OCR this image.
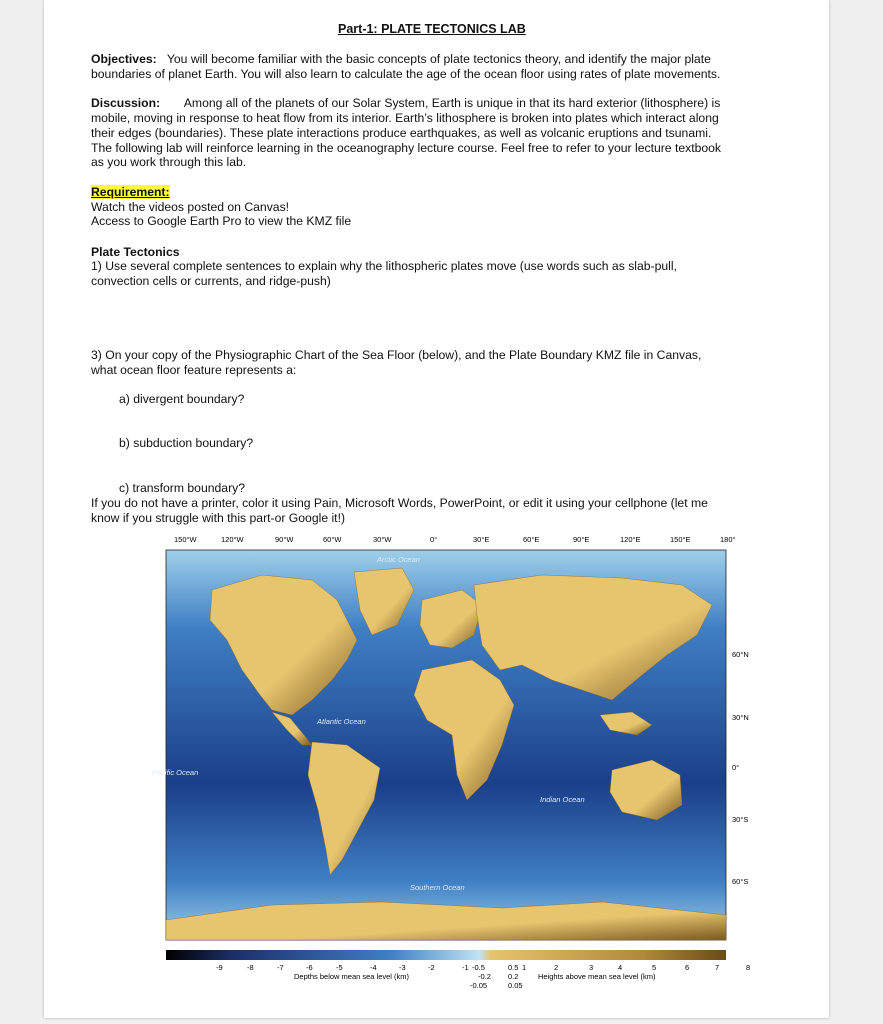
Part-1: PLATE TECTONICS LAB

Objectives: You will become familiar with the basic concepts of plate tectonics theory, and identify the major plate

boundaries of planet Earth. You will also learn to calculate the age of the ocean floor using rates of plate movements.

Discussion: Among all of the planets of our Solar System, Earth is unique in that its hard exterior (lithosphere) is

mobile, moving in response to heat flow from its interior. Earth’s lithosphere is broken into plates which interact along

their edges (boundaries). These plate interactions produce earthquakes, as well as volcanic eruptions and tsunami.

The following lab will reinforce learning in the oceanography lecture course. Feel free to refer to your lecture textbook

as you work through this lab.

Requirement:

Watch the videos posted on Canvas!

Access to Google Earth Pro to view the KMZ file

Plate Tectonics

1) Use several complete sentences to explain why the lithospheric plates move (use words such as slab-pull,

convection cells or currents, and ridge-push)

3) On your copy of the Physiographic Chart of the Sea Floor (below), and the Plate Boundary KMZ file in Canvas,

what ocean floor feature represents a:

a) divergent boundary?

b) subduction boundary?

c) transform boundary?

If you do not have a printer, color it using Pain, Microsoft Words, PowerPoint, or edit it using your cellphone (let me

know if you struggle with this part-or Google it!)

150°W	120°W	90°W	60°W	30°W	0°	30°E	60°E	90°E	120°E	150°E	180°
Arctic Ocean
Atlantic Ocean
Pacific Ocean
Indian Ocean
Southern Ocean
60°N
30°N
0°
30°S
60°S
-9	-8	-7	-6	-5	-4	-3	-2	-1 -0.5
-0.2
-0.05
0.5 1	2	3	4	5	6	7	8
0.2
0.05
Depths below mean sea level (km)	Heights above mean sea level (km)
